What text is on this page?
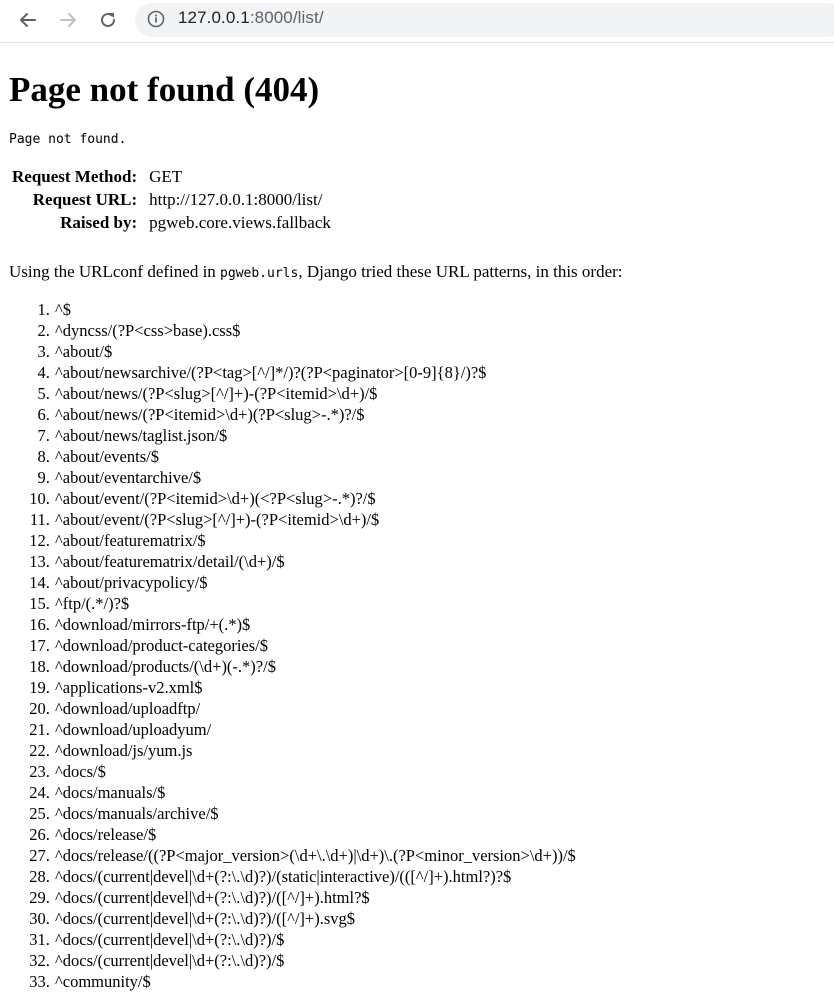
127.0.0.1:8000/list/
Page not found (404)
Page not found.
Request Method:	GET
Request URL:	http://127.0.0.1:8000/list/
Raised by:	pgweb.core.views.fallback

Using the URLconf defined in pgweb.urls, Django tried these URL patterns, in this order:

1. ^$
2. ^dyncss/(?P<css>base).css$
3. ^about/$
4. ^about/newsarchive/(?P<tag>[^/]*/)?(?P<paginator>[0-9]{8}/)?$
5. ^about/news/(?P<slug>[^/]+)-(?P<itemid>\d+)/$
6. ^about/news/(?P<itemid>\d+)(?P<slug>-.*)?/$
7. ^about/news/taglist.json/$
8. ^about/events/$
9. ^about/eventarchive/$
10. ^about/event/(?P<itemid>\d+)(<?P<slug>-.*)?/$
11. ^about/event/(?P<slug>[^/]+)-(?P<itemid>\d+)/$
12. ^about/featurematrix/$
13. ^about/featurematrix/detail/(\d+)/$
14. ^about/privacypolicy/$
15. ^ftp/(.*/)?$
16. ^download/mirrors-ftp/+(.*)$
17. ^download/product-categories/$
18. ^download/products/(\d+)(-.*)?/$
19. ^applications-v2.xml$
20. ^download/uploadftp/
21. ^download/uploadyum/
22. ^download/js/yum.js
23. ^docs/$
24. ^docs/manuals/$
25. ^docs/manuals/archive/$
26. ^docs/release/$
27. ^docs/release/((?P<major_version>(\d+\.\d+)|\d+)\.(?P<minor_version>\d+))/$
28. ^docs/(current|devel|\d+(?:\.\d)?)/(static|interactive)/(([^/]+).html?)?$
29. ^docs/(current|devel|\d+(?:\.\d)?)/([^/]+).html?$
30. ^docs/(current|devel|\d+(?:\.\d)?)/([^/]+).svg$
31. ^docs/(current|devel|\d+(?:\.\d)?)/$
32. ^docs/(current|devel|\d+(?:\.\d)?)/$
33. ^community/$
